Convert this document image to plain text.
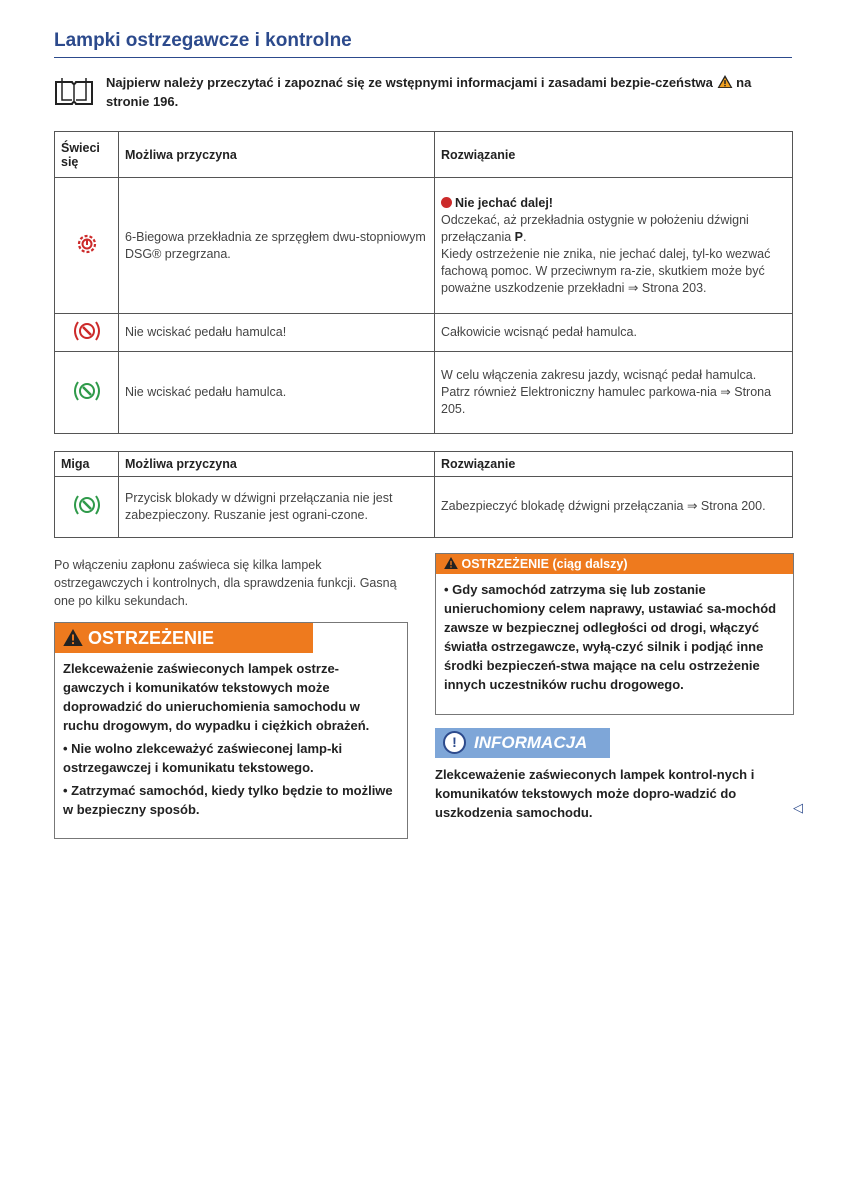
Lampki ostrzegawcze i kontrolne
Najpierw należy przeczytać i zapoznać się ze wstępnymi informacjami i zasadami bezpie-czeństwa na stronie 196.
Świeci się	Możliwa przyczyna	Rozwiązanie
	6-Biegowa przekładnia ze sprzęgłem dwu-stopniowym DSG® przegrzana.	Nie jechać dalej!
Odczekać, aż przekładnia ostygnie w położeniu dźwigni przełączania P.
Kiedy ostrzeżenie nie znika, nie jechać dalej, tyl-ko wezwać fachową pomoc. W przeciwnym ra-zie, skutkiem może być poważne uszkodzenie przekładni ⇒ Strona 203.

	Nie wciskać pedału hamulca!	Całkowicie wcisnąć pedał hamulca.
	Nie wciskać pedału hamulca.	W celu włączenia zakresu jazdy, wcisnąć pedał hamulca.
Patrz również Elektroniczny hamulec parkowa-nia ⇒ Strona 205.
Miga	Możliwa przyczyna	Rozwiązanie
	Przycisk blokady w dźwigni przełączania nie jest zabezpieczony. Ruszanie jest ograni-czone.	Zabezpieczyć blokadę dźwigni przełączania ⇒ Strona 200.
Po włączeniu zapłonu zaświeca się kilka lampek ostrzegawczych i kontrolnych, dla sprawdzenia funkcji. Gasną one po kilku sekundach.
OSTRZEŻENIE

Zlekceważenie zaświeconych lampek ostrze-gawczych i komunikatów tekstowych może doprowadzić do unieruchomienia samochodu w ruchu drogowym, do wypadku i ciężkich obrażeń.

• Nie wolno zlekceważyć zaświeconej lamp-ki ostrzegawczej i komunikatu tekstowego.

• Zatrzymać samochód, kiedy tylko będzie to możliwe w bezpieczny sposób.

OSTRZEŻENIE (ciąg dalszy)

• Gdy samochód zatrzyma się lub zostanie unieruchomiony celem naprawy, ustawiać sa-mochód zawsze w bezpiecznej odległości od drogi, włączyć światła ostrzegawcze, wyłą-czyć silnik i podjąć inne środki bezpieczeń-stwa mające na celu ostrzeżenie innych uczestników ruchu drogowego.

! INFORMACJA
Zlekceważenie zaświeconych lampek kontrol-nych i komunikatów tekstowych może dopro-wadzić do uszkodzenia samochodu.	◁
